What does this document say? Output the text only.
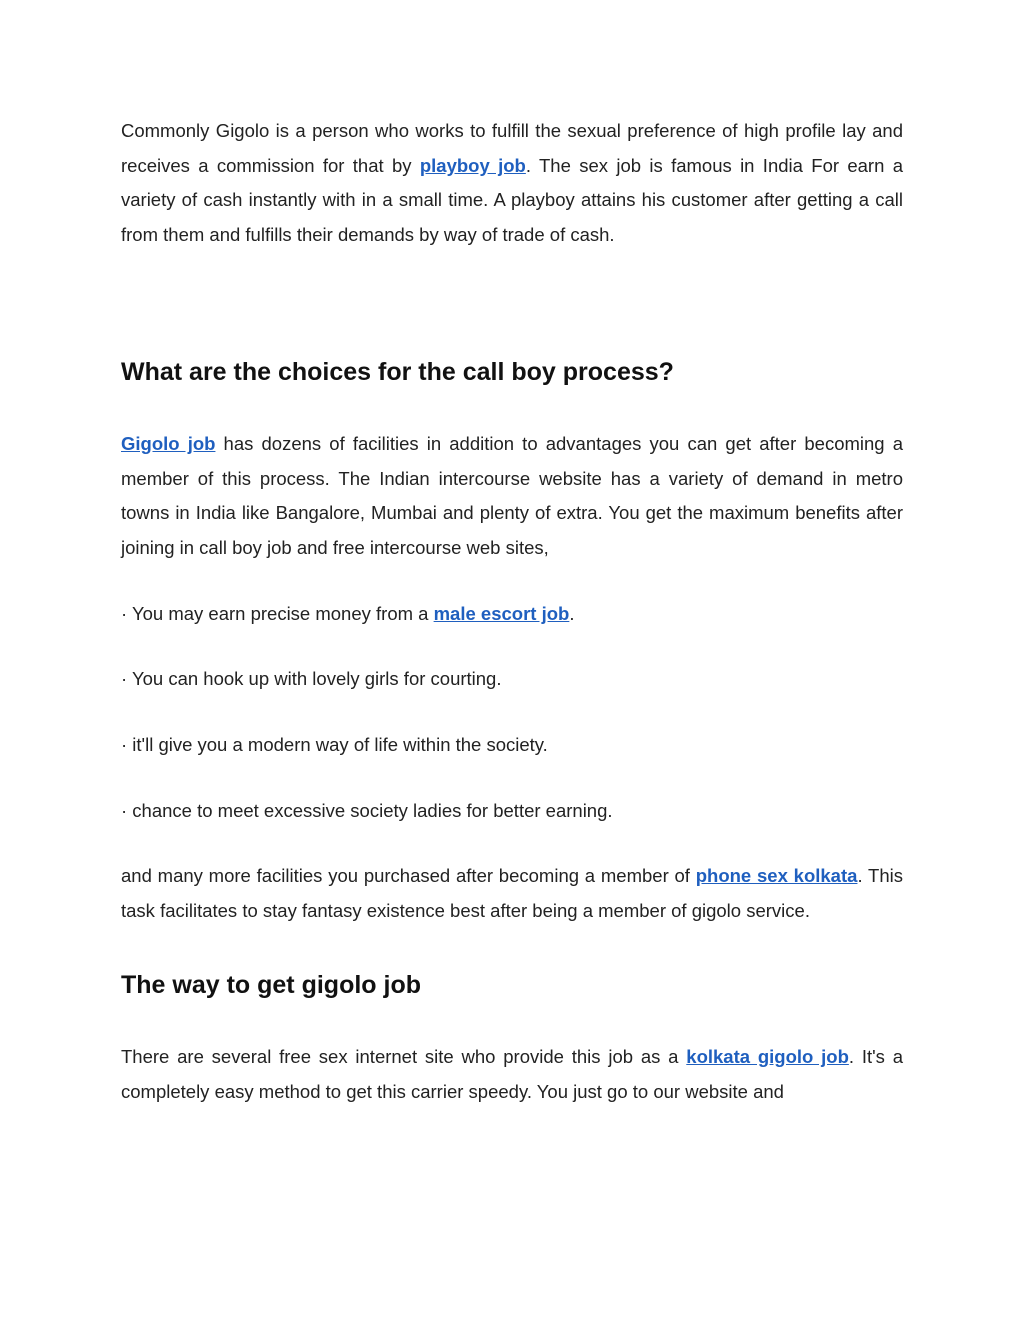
Commonly Gigolo is a person who works to fulfill the sexual preference of high profile lay and receives a commission for that by playboy job. The sex job is famous in India For earn a variety of cash instantly with in a small time. A playboy attains his customer after getting a call from them and fulfills their demands by way of trade of cash.

What are the choices for the call boy process?

Gigolo job has dozens of facilities in addition to advantages you can get after becoming a member of this process. The Indian intercourse website has a variety of demand in metro towns in India like Bangalore, Mumbai and plenty of extra. You get the maximum benefits after joining in call boy job and free intercourse web sites,

· You may earn precise money from a male escort job.

· You can hook up with lovely girls for courting.

· it'll give you a modern way of life within the society.

· chance to meet excessive society ladies for better earning.

and many more facilities you purchased after becoming a member of phone sex kolkata. This task facilitates to stay fantasy existence best after being a member of gigolo service.

The way to get gigolo job

There are several free sex internet site who provide this job as a kolkata gigolo job. It's a completely easy method to get this carrier speedy. You just go to our website and
